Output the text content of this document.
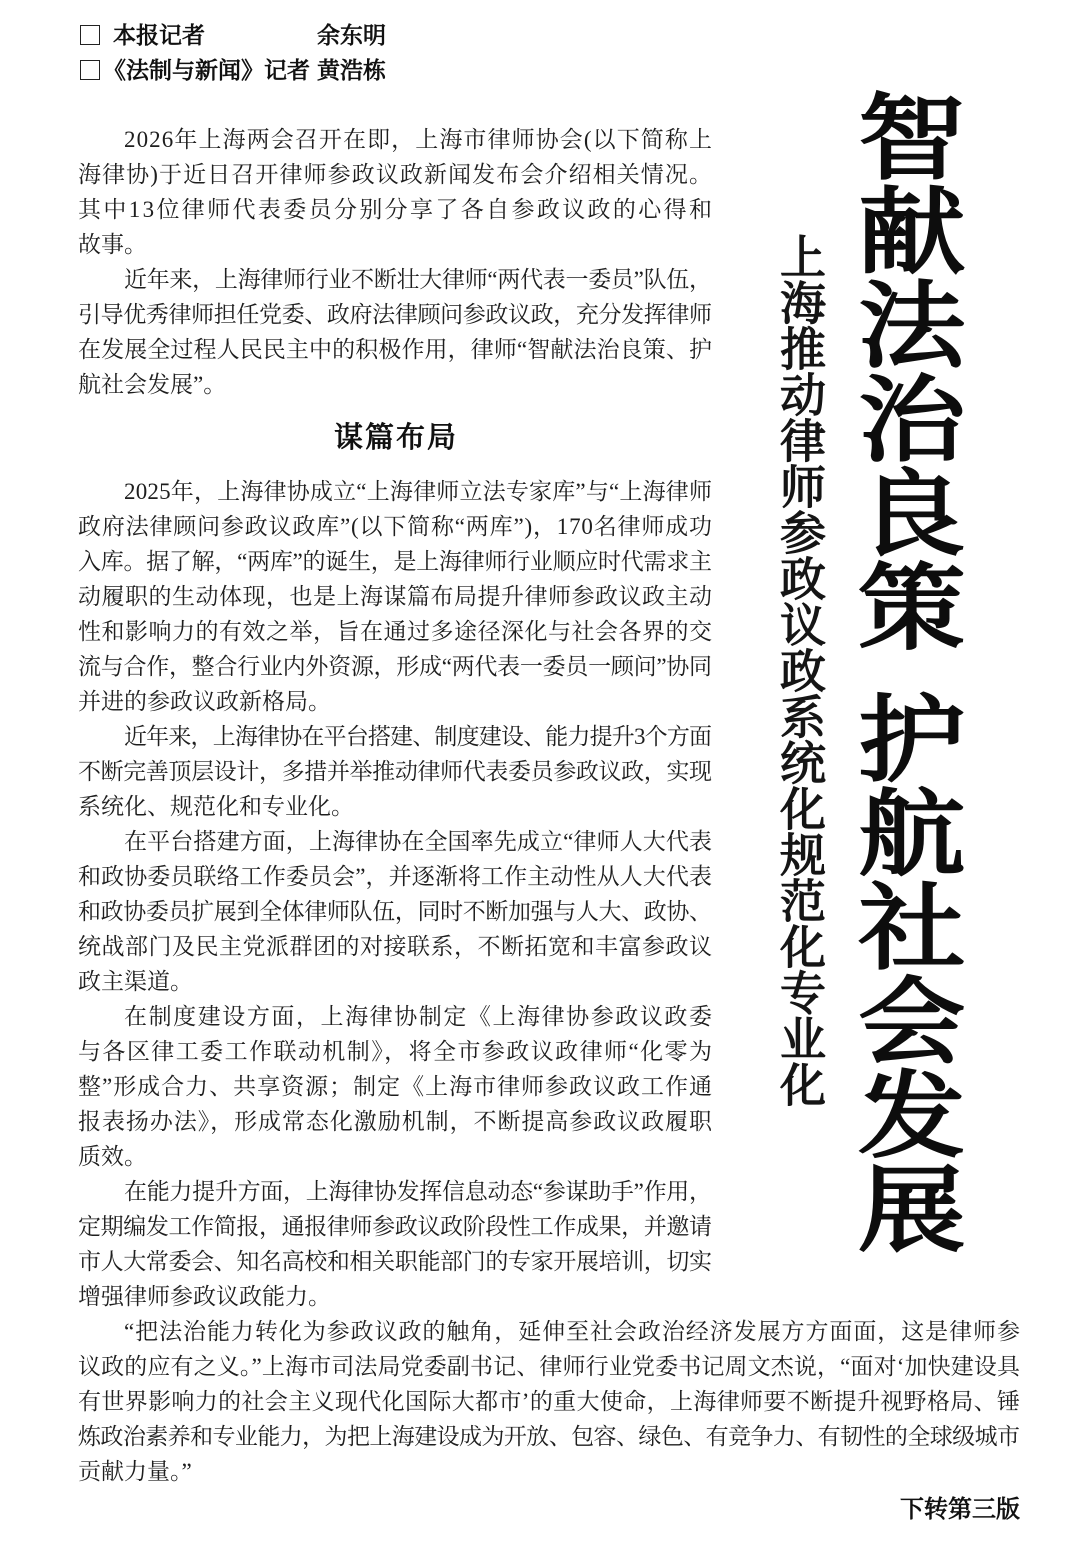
本报记者	余东明
《法制与新闻》记者 黄浩栋
智献法治良策
护航社会发展
上海推动律师参政议政系统化规范化专业化
2026年上海两会召开在即，上海市律师协会(以下简称上
海律协)于近日召开律师参政议政新闻发布会介绍相关情况。
其中13位律师代表委员分别分享了各自参政议政的心得和
故事。
近年来，上海律师行业不断壮大律师“两代表一委员”队伍，
引导优秀律师担任党委、政府法律顾问参政议政，充分发挥律师
在发展全过程人民民主中的积极作用，律师“智献法治良策、护
航社会发展”。
谋篇布局
2025年，上海律协成立“上海律师立法专家库”与“上海律师
政府法律顾问参政议政库”(以下简称“两库”)，170名律师成功
入库。据了解，“两库”的诞生，是上海律师行业顺应时代需求主
动履职的生动体现，也是上海谋篇布局提升律师参政议政主动
性和影响力的有效之举，旨在通过多途径深化与社会各界的交
流与合作，整合行业内外资源，形成“两代表一委员一顾问”协同
并进的参政议政新格局。
近年来，上海律协在平台搭建、制度建设、能力提升3个方面
不断完善顶层设计，多措并举推动律师代表委员参政议政，实现
系统化、规范化和专业化。
在平台搭建方面，上海律协在全国率先成立“律师人大代表
和政协委员联络工作委员会”，并逐渐将工作主动性从人大代表
和政协委员扩展到全体律师队伍，同时不断加强与人大、政协、
统战部门及民主党派群团的对接联系，不断拓宽和丰富参政议
政主渠道。
在制度建设方面，上海律协制定《上海律协参政议政委
与各区律工委工作联动机制》，将全市参政议政律师“化零为
整”形成合力、共享资源；制定《上海市律师参政议政工作通
报表扬办法》，形成常态化激励机制，不断提高参政议政履职
质效。
在能力提升方面，上海律协发挥信息动态“参谋助手”作用，
定期编发工作简报，通报律师参政议政阶段性工作成果，并邀请
市人大常委会、知名高校和相关职能部门的专家开展培训，切实
增强律师参政议政能力。
“把法治能力转化为参政议政的触角，延伸至社会政治经济发展方方面面，这是律师参
议政的应有之义。”上海市司法局党委副书记、律师行业党委书记周文杰说，“面对‘加快建设具
有世界影响力的社会主义现代化国际大都市’的重大使命，上海律师要不断提升视野格局、锤
炼政治素养和专业能力，为把上海建设成为开放、包容、绿色、有竞争力、有韧性的全球级城市
贡献力量。”
下转第三版
